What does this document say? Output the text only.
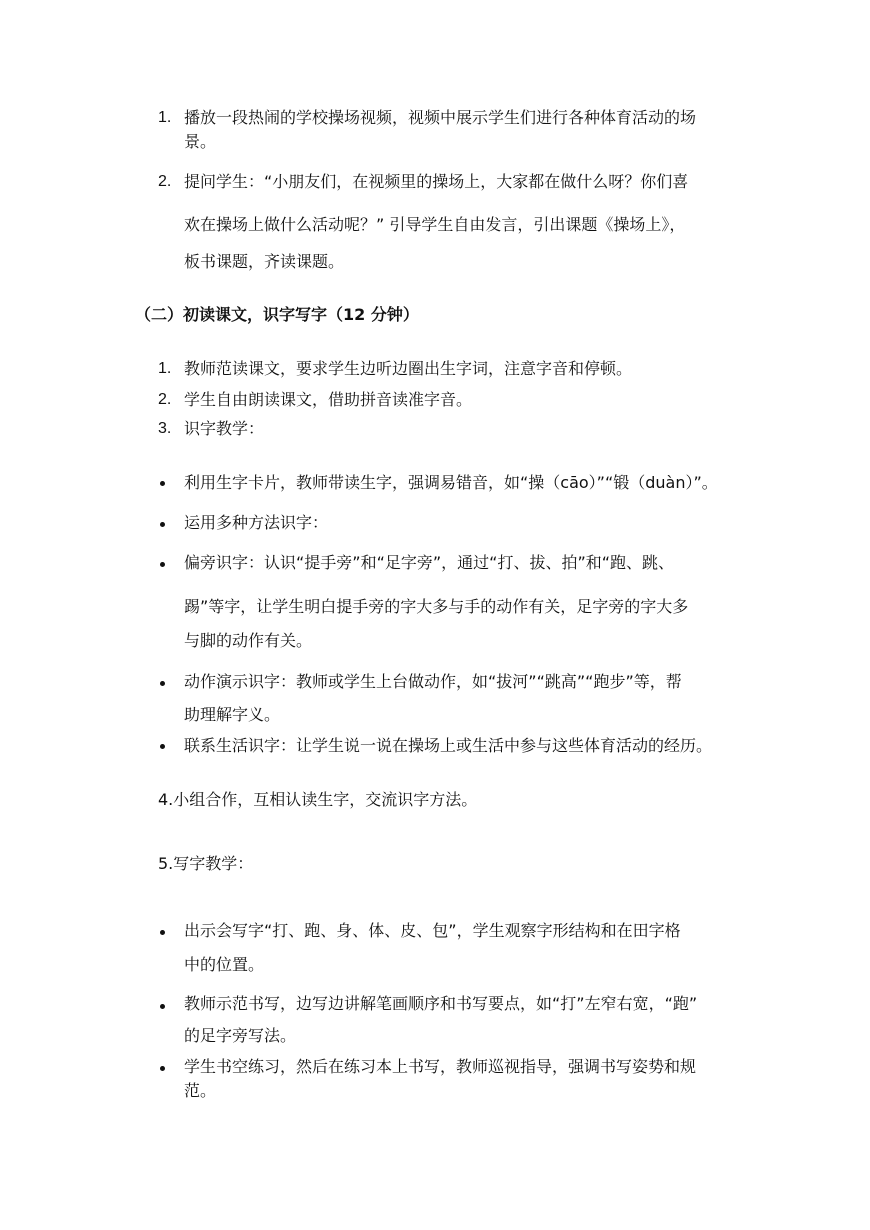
1. 播放一段热闹的学校操场视频，视频中展示学生们进行各种体育活动的场
景。
2. 提问学生：“小朋友们，在视频里的操场上，大家都在做什么呀？你们喜
欢在操场上做什么活动呢？” 引导学生自由发言，引出课题《操场上》，
板书课题，齐读课题。
（二）初读课文，识字写字（12 分钟）
1. 教师范读课文，要求学生边听边圈出生字词，注意字音和停顿。
2. 学生自由朗读课文，借助拼音读准字音。
3. 识字教学：
利用生字卡片，教师带读生字，强调易错音，如“操（cāo）”“锻（duàn）”。
运用多种方法识字：
偏旁识字：认识“提手旁”和“足字旁”，通过“打、拔、拍”和“跑、跳、
踢”等字，让学生明白提手旁的字大多与手的动作有关，足字旁的字大多
与脚的动作有关。
动作演示识字：教师或学生上台做动作，如“拔河”“跳高”“跑步”等，帮
助理解字义。
联系生活识字：让学生说一说在操场上或生活中参与这些体育活动的经历。
4.小组合作，互相认读生字，交流识字方法。
5.写字教学：
出示会写字“打、跑、身、体、皮、包”，学生观察字形结构和在田字格
中的位置。
教师示范书写，边写边讲解笔画顺序和书写要点，如“打”左窄右宽，“跑”
的足字旁写法。
学生书空练习，然后在练习本上书写，教师巡视指导，强调书写姿势和规
范。
